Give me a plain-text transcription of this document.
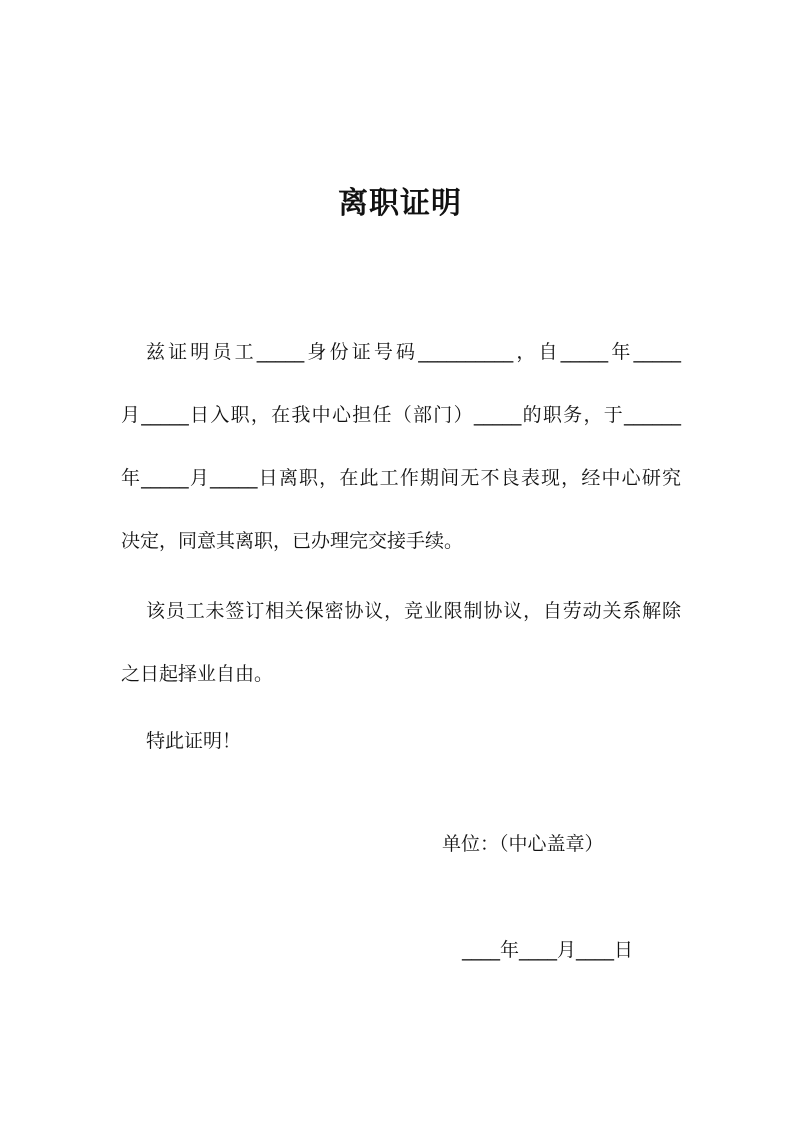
离职证明

兹证明员工_____身份证号码__________，自_____年_____

月_____日入职，在我中心担任（部门）_____的职务，于______

年_____月_____日离职，在此工作期间无不良表现，经中心研究

决定，同意其离职，已办理完交接手续。

该员工未签订相关保密协议，竞业限制协议，自劳动关系解除

之日起择业自由。

特此证明！

单位：（中心盖章）

____年____月____日
